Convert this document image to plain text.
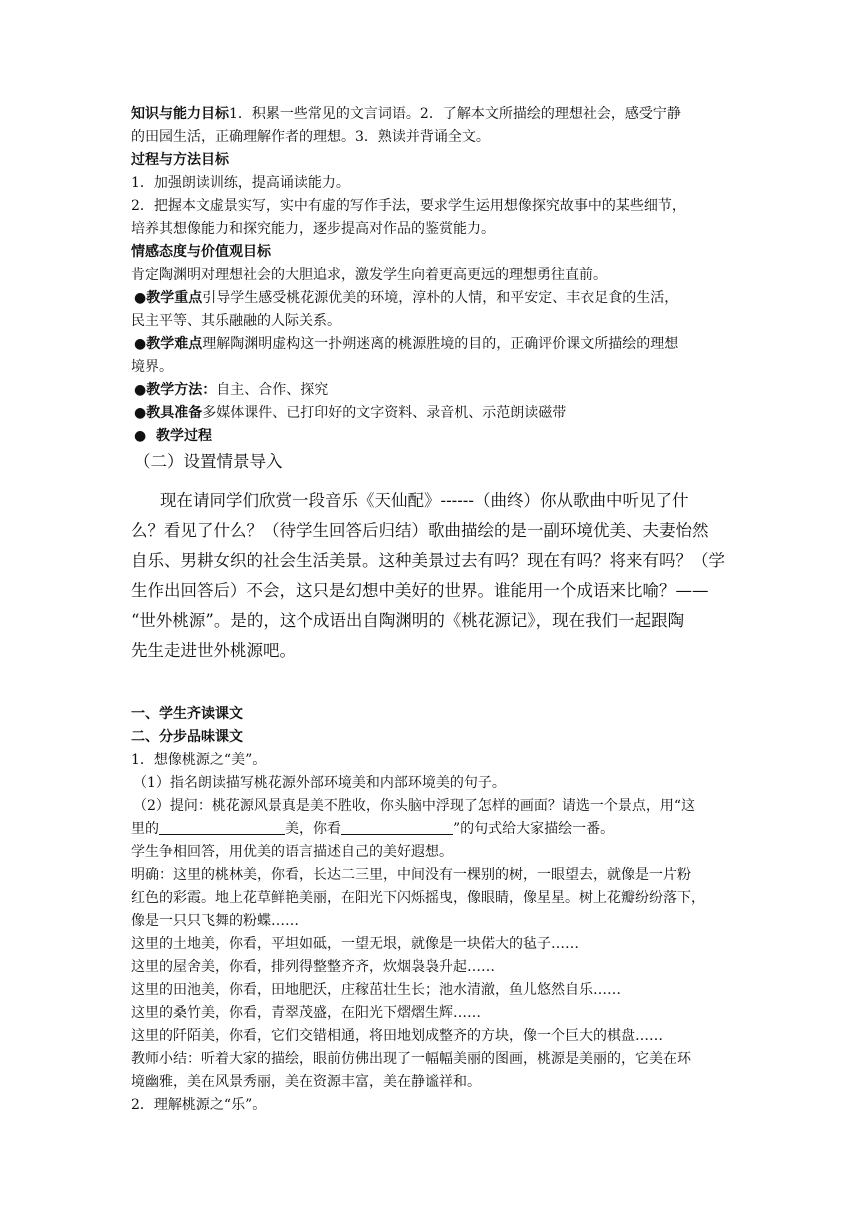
知识与能力目标1．积累一些常见的文言词语。2．了解本文所描绘的理想社会，感受宁静
的田园生活，正确理解作者的理想。3．熟读并背诵全文。
过程与方法目标
1．加强朗读训练，提高诵读能力。
2．把握本文虚景实写，实中有虚的写作手法，要求学生运用想像探究故事中的某些细节，
培养其想像能力和探究能力，逐步提高对作品的鉴赏能力。
情感态度与价值观目标
肯定陶渊明对理想社会的大胆追求，激发学生向着更高更远的理想勇往直前。
●教学重点引导学生感受桃花源优美的环境，淳朴的人情，和平安定、丰衣足食的生活，
民主平等、其乐融融的人际关系。
●教学难点理解陶渊明虚构这一扑朔迷离的桃源胜境的目的，正确评价课文所描绘的理想
境界。
●教学方法：自主、合作、探究
●教具准备多媒体课件、已打印好的文字资料、录音机、示范朗读磁带
●  教学过程
（二）设置情景导入
现在请同学们欣赏一段音乐《天仙配》------（曲终）你从歌曲中听见了什
么？看见了什么？（待学生回答后归结）歌曲描绘的是一副环境优美、夫妻怡然
自乐、男耕女织的社会生活美景。这种美景过去有吗？现在有吗？将来有吗？（学
生作出回答后）不会，这只是幻想中美好的世界。谁能用一个成语来比喻？——
“世外桃源”。是的，这个成语出自陶渊明的《桃花源记》，现在我们一起跟陶
先生走进世外桃源吧。
一、学生齐读课文
二、分步品味课文
1．想像桃源之“美”。
（1）指名朗读描写桃花源外部环境美和内部环境美的句子。
（2）提问：桃花源风景真是美不胜收，你头脑中浮现了怎样的画面？请选一个景点，用“这
里的	美，你看	”的句式给大家描绘一番。
学生争相回答，用优美的语言描述自己的美好遐想。
明确：这里的桃林美，你看，长达二三里，中间没有一棵别的树，一眼望去，就像是一片粉
红色的彩霞。地上花草鲜艳美丽，在阳光下闪烁摇曳，像眼睛，像星星。树上花瓣纷纷落下，
像是一只只飞舞的粉蝶……
这里的土地美，你看，平坦如砥，一望无垠，就像是一块偌大的毡子……
这里的屋舍美，你看，排列得整整齐齐，炊烟袅袅升起……
这里的田池美，你看，田地肥沃，庄稼茁壮生长；池水清澈，鱼儿悠然自乐……
这里的桑竹美，你看，青翠茂盛，在阳光下熠熠生辉……
这里的阡陌美，你看，它们交错相通，将田地划成整齐的方块，像一个巨大的棋盘……
教师小结：听着大家的描绘，眼前仿佛出现了一幅幅美丽的图画，桃源是美丽的，它美在环
境幽雅，美在风景秀丽，美在资源丰富，美在静谧祥和。
2．理解桃源之“乐”。
